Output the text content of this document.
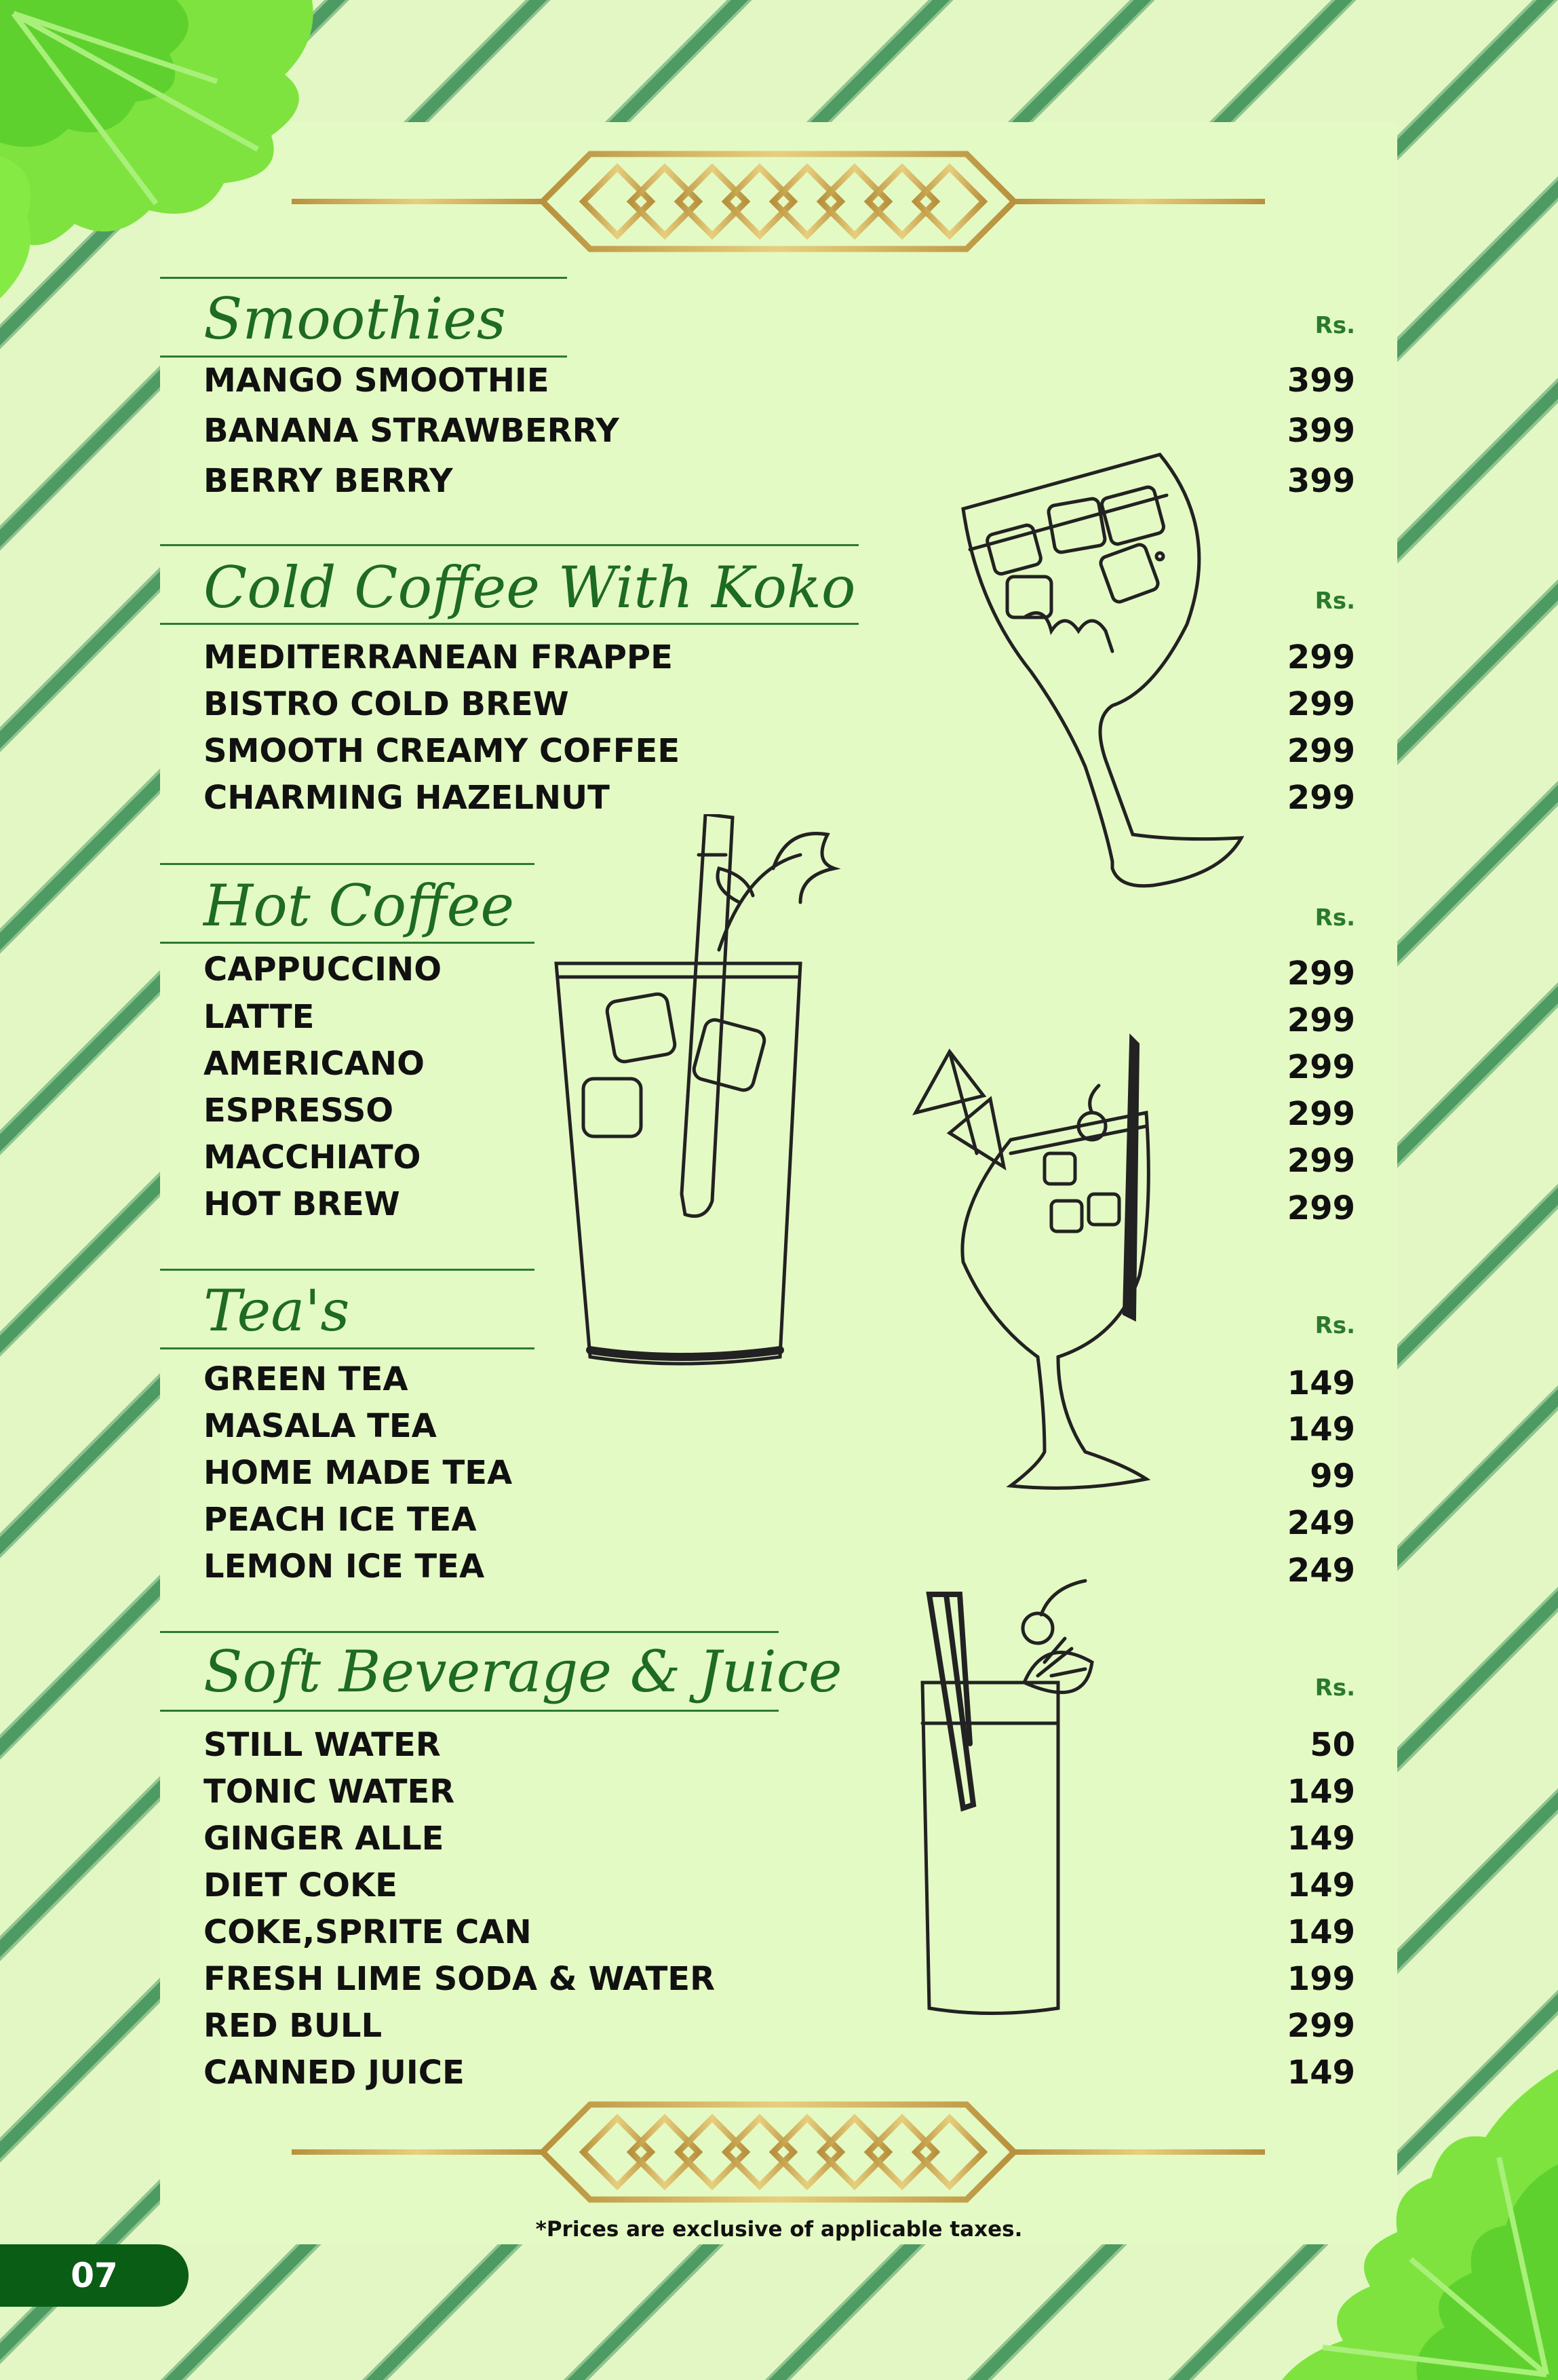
Smoothies	Rs.
Cold Coffee With Koko	Rs.
Hot Coffee	Rs.
Tea's	Rs.
Soft Beverage & Juice	Rs.
MANGO SMOOTHIE	399
BANANA STRAWBERRY	399
BERRY BERRY	399
MEDITERRANEAN FRAPPE	299
BISTRO COLD BREW	299
SMOOTH CREAMY COFFEE	299
CHARMING HAZELNUT	299
CAPPUCCINO	299
LATTE	299
AMERICANO	299
ESPRESSO	299
MACCHIATO	299
HOT BREW	299
GREEN TEA	149
MASALA TEA	149
HOME MADE TEA	99
PEACH ICE TEA	249
LEMON ICE TEA	249
STILL WATER	50
TONIC WATER	149
GINGER ALLE	149
DIET COKE	149
COKE,SPRITE CAN	149
FRESH LIME SODA & WATER	199
RED BULL	299
CANNED JUICE	149
*Prices are exclusive of applicable taxes.
07
